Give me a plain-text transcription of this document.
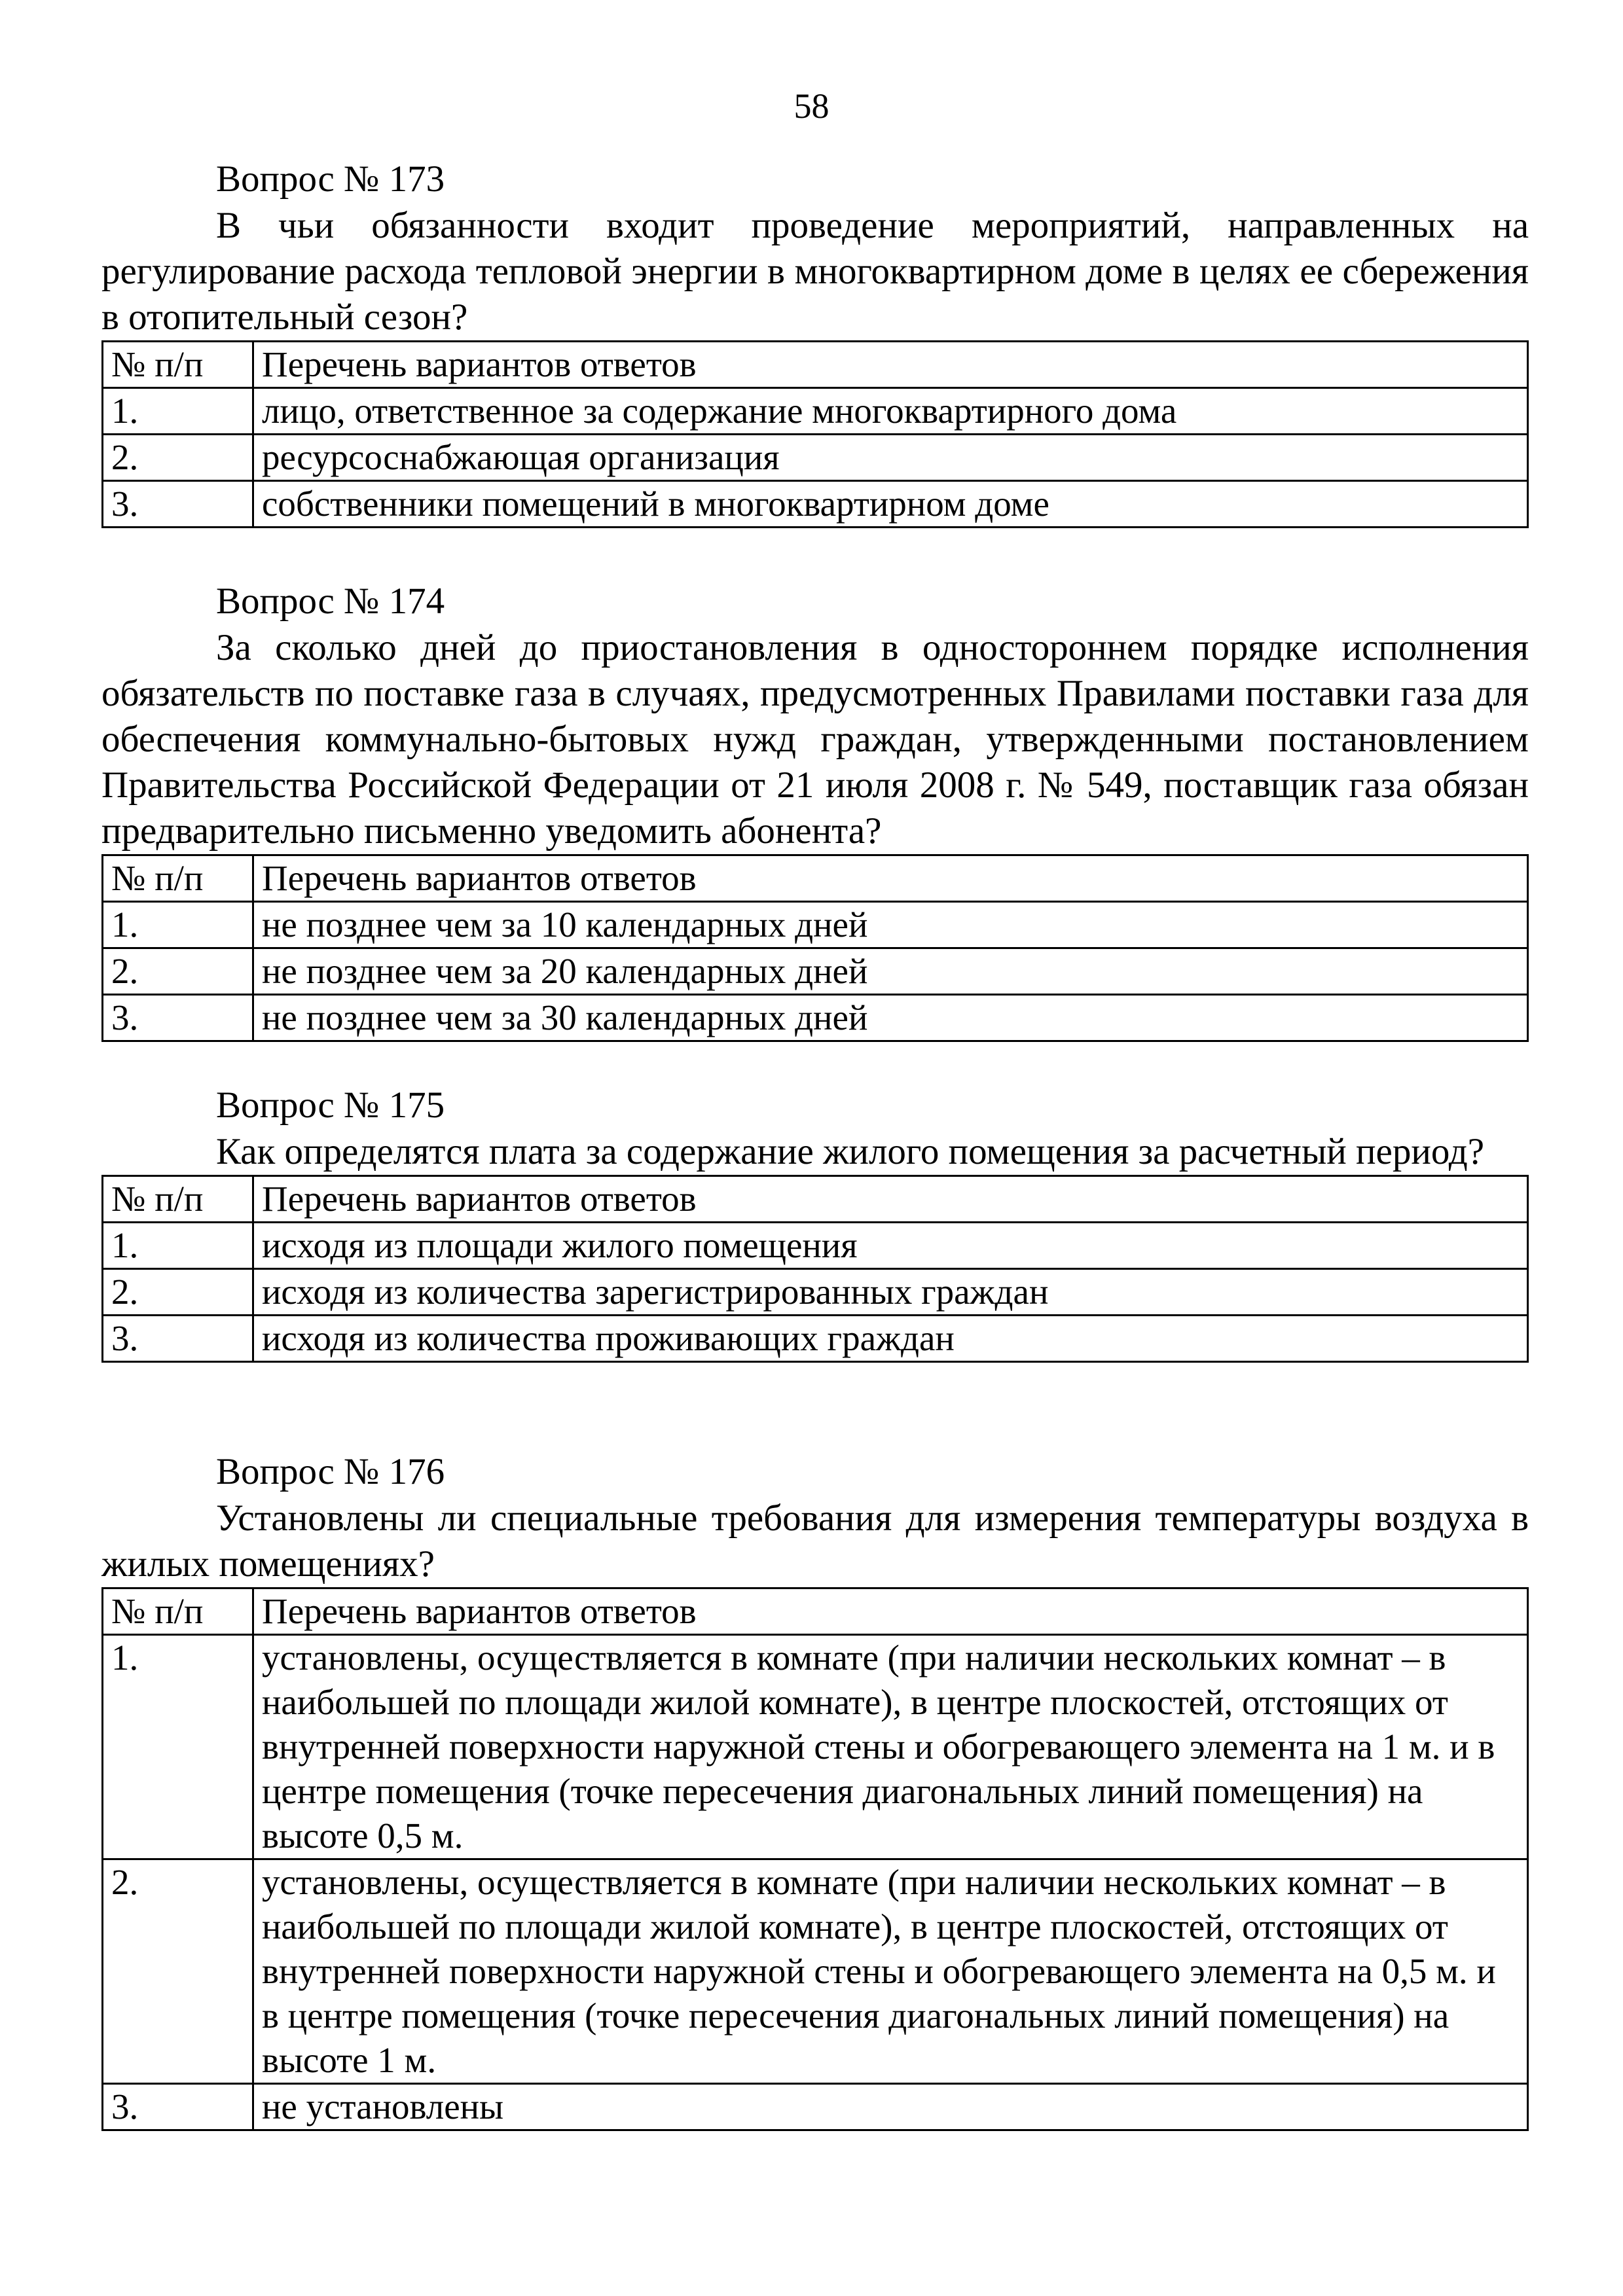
58
Вопрос № 173

В чьи обязанности входит проведение мероприятий, направленных на регулирование расхода тепловой энергии в многоквартирном доме в целях ее сбережения в отопительный сезон?

№ п/п	Перечень вариантов ответов
1.	лицо, ответственное за содержание многоквартирного дома
2.	ресурсоснабжающая организация
3.	собственники помещений в многоквартирном доме
Вопрос № 174

За сколько дней до приостановления в одностороннем порядке исполнения обязательств по поставке газа в случаях, предусмотренных Правилами поставки газа для обеспечения коммунально-бытовых нужд граждан, утвержденными постановлением Правительства Российской Федерации от 21 июля 2008 г. № 549, поставщик газа обязан предварительно письменно уведомить абонента?

№ п/п	Перечень вариантов ответов
1.	не позднее чем за 10 календарных дней
2.	не позднее чем за 20 календарных дней
3.	не позднее чем за 30 календарных дней
Вопрос № 175

Как определятся плата за содержание жилого помещения за расчетный период?

№ п/п	Перечень вариантов ответов
1.	исходя из площади жилого помещения
2.	исходя из количества зарегистрированных граждан
3.	исходя из количества проживающих граждан
Вопрос № 176

Установлены ли специальные требования для измерения температуры воздуха в жилых помещениях?

№ п/п	Перечень вариантов ответов
1.	установлены, осуществляется в комнате (при наличии нескольких комнат – в наибольшей по площади жилой комнате), в центре плоскостей, отстоящих от внутренней поверхности наружной стены и обогревающего элемента на 1 м. и в центре помещения (точке пересечения диагональных линий помещения) на высоте 0,5 м.
2.	установлены, осуществляется в комнате (при наличии нескольких комнат – в наибольшей по площади жилой комнате), в центре плоскостей, отстоящих от внутренней поверхности наружной стены и обогревающего элемента на 0,5 м. и в центре помещения (точке пересечения диагональных линий помещения) на высоте 1 м.
3.	не установлены
